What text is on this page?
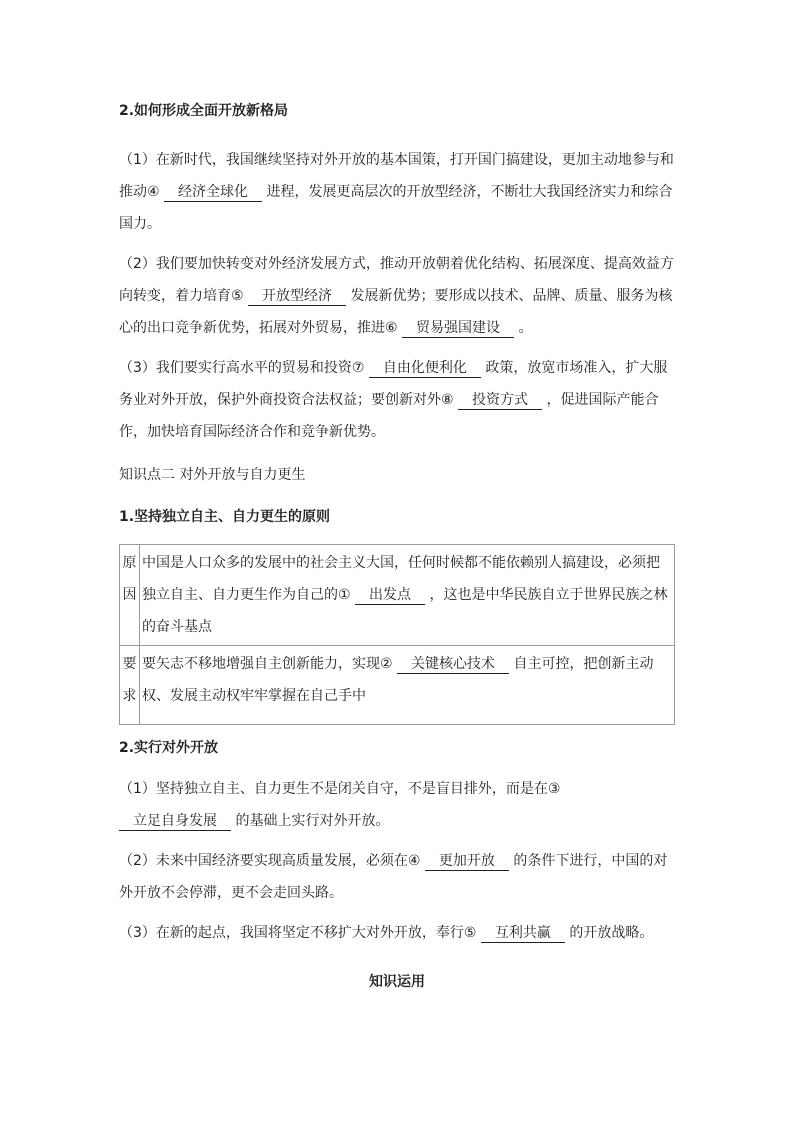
2.如何形成全面开放新格局

（1）在新时代，我国继续坚持对外开放的基本国策，打开国门搞建设，更加主动地参与和推动④ 经济全球化 进程，发展更高层次的开放型经济，不断壮大我国经济实力和综合国力。

（2）我们要加快转变对外经济发展方式，推动开放朝着优化结构、拓展深度、提高效益方向转变，着力培育⑤ 开放型经济 发展新优势；要形成以技术、品牌、质量、服务为核心的出口竞争新优势，拓展对外贸易，推进⑥ 贸易强国建设 。

（3）我们要实行高水平的贸易和投资⑦ 自由化便利化 政策，放宽市场准入，扩大服务业对外开放，保护外商投资合法权益；要创新对外⑧ 投资方式 ，促进国际产能合作，加快培育国际经济合作和竞争新优势。

知识点二 对外开放与自力更生

1.坚持独立自主、自力更生的原则

原因	中国是人口众多的发展中的社会主义大国，任何时候都不能依赖别人搞建设，必须把独立自主、自力更生作为自己的① 出发点 ，这也是中华民族自立于世界民族之林的奋斗基点
要求	要矢志不移地增强自主创新能力，实现② 关键核心技术 自主可控，把创新主动权、发展主动权牢牢掌握在自己手中

2.实行对外开放

（1）坚持独立自主、自力更生不是闭关自守，不是盲目排外，而是在③ 立足自身发展 的基础上实行对外开放。

（2）未来中国经济要实现高质量发展，必须在④ 更加开放 的条件下进行，中国的对外开放不会停滞，更不会走回头路。

（3）在新的起点，我国将坚定不移扩大对外开放，奉行⑤ 互利共赢 的开放战略。

知识运用
